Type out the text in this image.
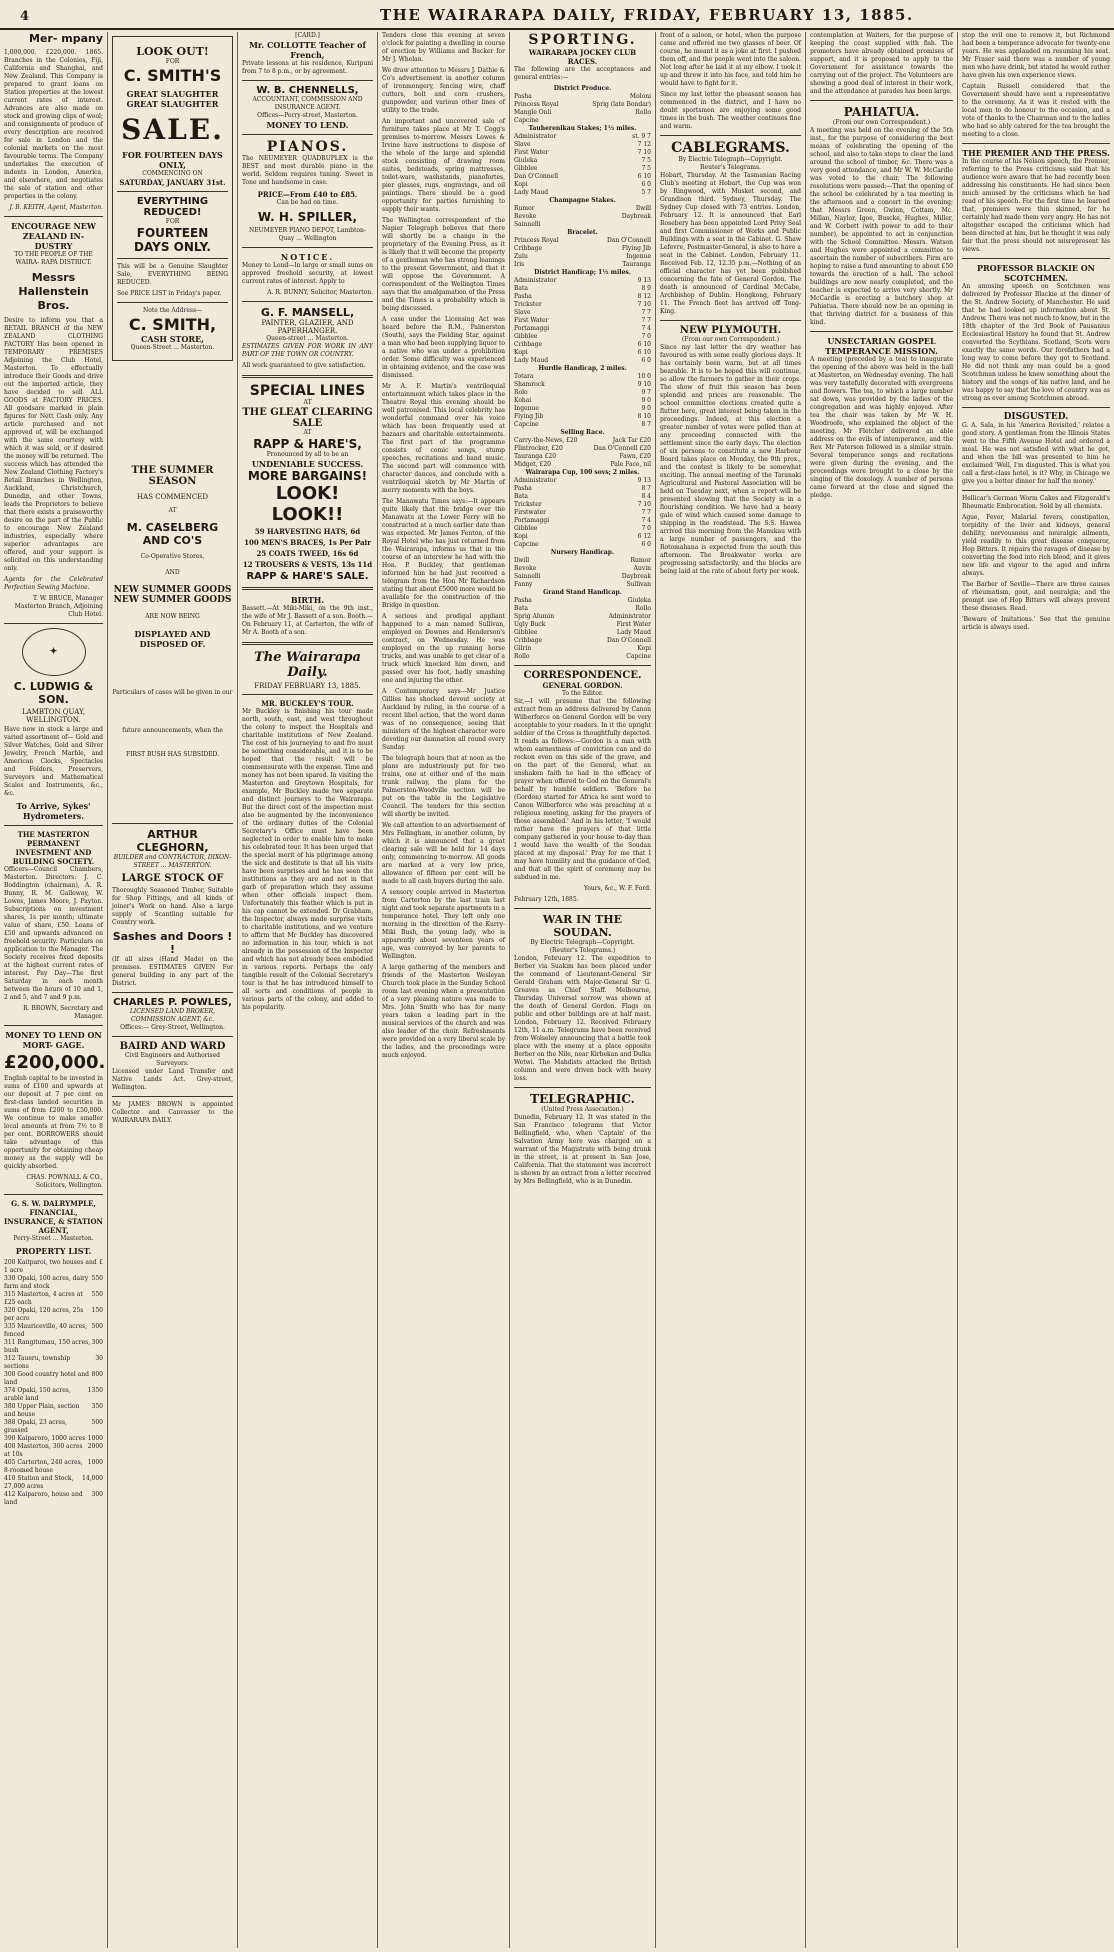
4	THE WAIRARAPA DAILY, FRIDAY, FEBRUARY 13, 1885.
Mer- mpany

1,000,000. £220,000. 1865. Branches in the Colonies, Fiji, California and Shanghai, and New Zealand. This Company is prepared to grant loans on Station properties at the lowest current rates of interest. Advances are also made on stock and growing clips of wool; and consignments of produce of every description are received for sale in London and the colonial markets on the most favourable terms. The Company undertakes the execution of indents in London, America, and elsewhere, and negotiates the sale of station and other properties in the colony.

J. B. KEITH, Agent, Masterton.

ENCOURAGE NEW ZEALAND IN- DUSTRY
TO THE PEOPLE OF THE WAIRA- RAPA DISTRICT.
Messrs Hallenstein Bros.

Desire to inform you that a RETAIL BRANCH of the NEW ZEALAND CLOTHING FACTORY Has been opened in TEMPORARY PREMISES Adjoining the Club Hotel, Masterton. To effectually introduce their Goods and drive out the imported article, they have decided to sell ALL GOODS at FACTORY PRICES. All goodsare marked in plain figures for Nett Cash only. Any article purchased and not approved of, will be exchanged with the same courtesy with which it was sold, or if desired the money will be returned. The success which has attended the New Zealand Clothing Factory's Retail Branches in Wellington, Auckland, Christchurch, Dunedin, and other Towns, leads the Proprietors to believe that there exists a praiseworthy desire on the part of the Public to encourage New Zealand industries, especially where superior advantages are offered, and your support is solicited on this understanding only.

Agents for the Celebrated Perfection Sewing Machine.

T. W. BRUCE, Manager Masterton Branch, Adjoining Club Hotel.

✦
C. LUDWIG & SON.
LAMBTON QUAY, WELLINGTON.

Have now in stock a large and varied assortment of— Gold and Silver Watches, Gold and Silver Jewelry, French Marble, and American Clocks, Spectacles and Folders, Preservers, Surveyors and Mathematical Scales and Instruments, &c., &c.

To Arrive, Sykes' Hydrometers.
THE MASTERTON PERMANENT INVESTMENT AND BUILDING SOCIETY.

Officers—Council Chambers, Masterton. Directors: J. C. Boddington (chairman), A. R. Bunny, R. M. Galloway, W. Lowes, James Moore, J. Payton. Subscriptions on investment shares, 1s per month; ultimate value of share, £50. Loans of £50 and upwards advanced on freehold security. Particulars on application to the Manager. The Society receives fixed deposits at the highest current rates of interest. Pay Day—The first Saturday in each month between the hours of 10 and 1, 2 and 5, and 7 and 9 p.m.

R. BROWN, Secretary and Manager.

MONEY TO LEND ON MORT- GAGE.
£200,000.

English capital to be invested in sums of £100 and upwards at our deposit at 7 per cent on first-class landed securities in sums of from £200 to £50,000. We continue to make smaller local amounts at from 7½ to 8 per cent. BORROWERS should take advantage of this opportunity for obtaining cheap money as the supply will be quickly absorbed.

CHAS. POWNALL & CO., Solicitors, Wellington.

G. S. W. DALRYMPLE, FINANCIAL, INSURANCE, & STATION AGENT,
Perry-Street ... Masterton.
PROPERTY LIST.
200 Kaitparoi, two houses and 1 acre
£
330 Opaki, 100 acres, dairy farm and stock
550
315 Masterton, 4 acres at £25 each
550
320 Opaki, 120 acres, 25s per acre
150
335 Mauriceville, 40 acres, fenced
500
311 Rangitumau, 150 acres, bush
300
312 Taueru, township sections
30
300 Good country hotel and land
800
374 Opaki, 150 acres, arable land
1350
380 Upper Plain, section and house
350
388 Opaki, 23 acres, grassed
500
390 Kaiparoro, 1000 acres 1000
400 Masterton, 300 acres at 10s
2000
405 Carterton, 240 acres, 8-roomed house
1000
410 Station and Stock, 27,000 acres
14,000
412 Kaiparoro, house and land
300
LOOK OUT!
FOR
C. SMITH'S
GREAT SLAUGHTER GREAT SLAUGHTER
SALE.
FOR FOURTEEN DAYS ONLY,
COMMENCING ON
SATURDAY, JANUARY 31st.
EVERYTHING REDUCED!
FOR
FOURTEEN DAYS ONLY.

This will be a Genuine Slaughter Sale, EVERYTHING BEING REDUCED.

See PRICE LIST in Friday's paper.

Note the Address—
C. SMITH,
CASH STORE,
Queen-Street ... Masterton.
THE SUMMER SEASON
HAS COMMENCED
AT
M. CASELBERG AND CO'S
Co-Operative Stores,
AND
NEW SUMMER GOODS NEW SUMMER GOODS
ARE NOW BEING
DISPLAYED AND DISPOSED OF.
Particulars of cases will be given in our
future announcements, when the
FIRST BUSH HAS SUBSIDED.
ARTHUR CLEGHORN,
BUILDER and CONTRACTOR, DIXON-STREET ... MASTERTON.
LARGE STOCK OF

Thoroughly Seasoned Timber, Suitable for Shop Fittings, and all kinds of joiner's Work on hand. Also a large supply of Scantling suitable for Country work.

Sashes and Doors ! !

(If all sizes (Hand Made) on the premises. ESTIMATES GIVEN For general building in any part of the District.

CHARLES P. POWLES,
LICENSED LAND BROKER, COMMISSION AGENT, &c.
Offices:— Grey-Street, Wellington.
BAIRD AND WARD
Civil Engineers and Authorised Surveyors.

Licensed under Land Transfer and Native Lands Act. Grey-street, Wellington.

Mr JAMES BROWN is appointed Collector and Canvasser to the WAIRARAPA DAILY.

[CARD.]
Mr. COLLOTTE Teacher of French,

Private lessons at his residence, Kuripuni from 7 to 8 p.m., or by agreement.

W. B. CHENNELLS,
ACCOUNTANT, COMMISSION AND INSURANCE AGENT.
Offices—Perry-street, Masterton.
MONEY TO LEND.
PIANOS.

The NEUMEYER QUADRUPLEX is the BEST and most durable piano in the world. Seldom requires tuning. Sweet in Tone and handsome in case.

PRICE—From £40 to £85.
Can be had on time.
W. H. SPILLER,
NEUMEYER PIANO DEPOT, Lambton-Quay ... Wellington
NOTICE.

Money to Lend—In large or small sums on approved freehold security, at lowest current rates of interest. Apply to

A. R. BUNNY, Solicitor, Masterton.

G. F. MANSELL,
PAINTER, GLAZIER, AND PAPERHANGER.
Queen-street ... Masterton.

ESTIMATES GIVEN FOR WORK IN ANY PART OF THE TOWN OR COUNTRY.

All work guaranteed to give satisfaction.

SPECIAL LINES
AT
THE GLEAT CLEARING SALE
AT
RAPP & HARE'S,
Pronounced by all to be an
UNDENIABLE SUCCESS.
MORE BARGAINS!
LOOK! LOOK!!
59 HARVESTING HATS, 6d
100 MEN'S BRACES, 1s Per Pair
25 COATS TWEED, 16s 6d
12 TROUSERS & VESTS, 13s 11d
RAPP & HARE'S SALE.
BIRTH.

Bassett.—At Miki-Miki, on the 9th inst., the wife of Mr J. Bassett of a son. Booth.—On February 11, at Carterton, the wife of Mr A. Booth of a son.

The Wairarapa Daily.
FRIDAY FEBRUARY 13, 1885.
MR. BUCKLEY'S TOUR.

Mr Buckley is finishing his tour made north, south, east, and west throughout the colony to inspect the Hospitals and charitable institutions of New Zealand. The cost of his journeying to and fro must be something considerable, and it is to be hoped that the result will be commensurate with the expense. Time and money has not been spared. In visiting the Masterton and Greytown Hospitals, for example, Mr Buckley made two separate and distinct journeys to the Wairarapa. But the direct cost of the inspection must also be augmented by the inconvenience of the ordinary duties of the Colonial Secretary's Office must have been neglected in order to enable him to make his celebrated tour. It has been urged that the special merit of his pilgrimage among the sick and destitute is that all his visits have been surprises and he has seen the institutions as they are and not in that garb of preparation which they assume when other officials inspect them. Unfortunately this feather which is put in his cap cannot be extended. Dr Grabham, the Inspector, always made surprise visits to charitable institutions, and we venture to affirm that Mr Buckley has discovered no information in his tour, which is not already in the possession of the Inspector and which has not already been embodied in various reports. Perhaps the only tangible result of the Colonial Secretary's tour is that he has introduced himself to all sorts and conditions of people in various parts of the colony, and added to his popularity.

Tenders close this evening at seven o'clock for painting a dwelling in course of erection by Williams and Backer for Mr J. Whelan.

We draw attention to Messrs J. Dathie & Co's advertisement in another column of ironmongery, fencing wire, chaff cutters, bolt and corn crushers, gunpowder, and various other lines of utility to the trade.

An important and uncovered sale of furniture takes place at Mr T. Cogg's premises to-morrow. Messrs Lowes & Irvine have instructions to dispose of the whole of the large and splendid stock consisting of drawing room suites, bedsteads, spring mattresses, toilet-ware, washstands, pianofortes, pier glasses, rugs, engravings, and oil paintings. There should be a good opportunity for parties furnishing to supply their wants.

The Wellington correspondent of the Napier Telegraph believes that there will shortly be a change in the proprietary of the Evening Press, as it is likely that it will become the property of a gentleman who has strong leanings to the present Government, and that it will oppose the Government. A correspondent of the Wellington Times says that the amalgamation of the Press and the Times is a probability which is being discussed.

A case under the Licensing Act was heard before the R.M., Palmerston (South), says the Fielding Star, against a man who had been supplying liquor to a native who was under a prohibition order. Some difficulty was experienced in obtaining evidence, and the case was dismissed.

Mr A. F. Martin's ventriloquial entertainment which takes place in the Theatre Royal this evening should be well patronised. This local celebrity has wonderful command over his voice which has been frequently used at bazaars and charitable entertainments. The first part of the programme consists of comic songs, stump speeches, recitations and band music. The second part will commence with character dances, and conclude with a ventriloquial sketch by Mr Martin of merry moments with the boys.

The Manawatu Times says:—It appears quite likely that the bridge over the Manawatu at the Lower Ferry will be constructed at a much earlier date than was expected. Mr James Fenton, of the Royal Hotel who has just returned from the Wairarapa, informs us that in the course of an interview he had with the Hon. P. Buckley, that gentleman informed him he had just received a telegram from the Hon Mr Richardson stating that about £5000 more would be available for the construction of the Bridge in question.

A serious and prodigal appliant happened to a man named Sullivan, employed on Downes and Henderson's contract, on Wednesday. He was employed on the up running horse trucks, and was unable to get clear of a truck which knocked him down, and passed over his foot, badly smashing one and injuring the other.

A Contemporary says—Mr Justice Gillies has shocked devout society at Auckland by ruling, in the course of a recent libel action, that the word damn was of no consequence, seeing that ministers of the highest character were devoting our damnation all round every Sunday.

The telegraph hours that at noon as the plans are industriously put for two trains, one at either end of the main trunk railway, the plans for the Palmerston-Woodville section will be put on the table in the Legislative Council. The tenders for this section will shortly be invited.

We call attention to an advertisement of Mrs Fellingham, in another column, by which it is announced that a great clearing sale will be held for 14 days only, commencing to-morrow. All goods are marked at a very low price, allowance of fifteen per cent will be made to all cash buyers during the sale.

A sensory couple arrived in Masterton from Carterton by the last train last night and took separate apartments in a temperance hotel. They left only one morning in the direction of the Kurry-Miki Bush, the young lady, who is apparently about seventeen years of age, was conveyed by her parents to Wellington.

A large gathering of the members and friends of the Masterton Wesleyan Church took place in the Sunday School room last evening when a presentation of a very pleasing nature was made to Mrs. John Smith who has for many years taken a leading part in the musical services of the church and was also leader of the choir. Refreshments were provided on a very liberal scale by the ladies, and the proceedings were much enjoyed.

SPORTING.
WAIRARAPA JOCKEY CLUB RACES.

The following are the acceptances and general entries:—

District Produce.
Pasha	Moloni
Princess Royal	Sprig (late Bondar)
Mangle Onli	Rollo
Capcine
Tauherenikau Stakes; 1½ miles.
Administrator	st. 9 7
Slave	7 12
First Water	7 10
Giuleka	7 5
Gibblee	7 5
Dan O'Connell	6 10
Kopi	6 0
Lady Maud	5 7
Champagne Stakes.
Rumor	Ilwill
Revoke	Daybreak
Sainnelli
Bracelet.
Princess Royal	Dan O'Connell
Cribbage	Flying Jib
Zulu	Ingenue
Iris	Tauranga
District Handicap; 1½ miles.
Administrator	9 13
Bata	8 9
Pasha	8 12
Trickster	7 10
Slave	7 7
First Water	7 7
Portamaggi	7 4
Gibblee	7 0
Cribbage	6 10
Kopi	6 10
Lady Maud	6 0
Hurdle Handicap, 2 miles.
Totara	10 0
Shamrock	9 10
Rolo	9 7
Kohai	9 0
Ingenue	9 0
Flying Jib	8 10
Capcine	8 7
Selling Race.
Carry-the-News, £20	Jack Tar £20
Flintrocker, £20	Dan O'Connell £20
Tauranga £20	Fawn, £20
Midget, £20	Pale Face, nil
Wairarapa Cup, 100 sovs; 2 miles.
Administrator	9 13
Pasha	8 7
Bata	8 4
Trickster	7 10
Firstwater	7 7
Portamaggi	7 4
Gibblee	7 0
Kopi	6 12
Capcine	6 0
Nursery Handicap.
Ilwill	Rumor
Revoke	Auvin
Sainnelli	Daybreak
Fanny	Sullivan
Grand Stand Handicap.
Pasha	Giuleka
Bata	Rollo
Sprig Alumin	Administrator
Ugly Buck	First Water
Gibblee	Lady Maud
Cribbage	Dan O'Connell
Gilrin	Kopi
Rollo	Capcine
CORRESPONDENCE.
GENERAL GORDON.
To the Editor.

Sir,—I will presume that the following extract from an address delivered by Canon Wilberforce on General Gordon will be very acceptable to your readers. In it the upright soldier of the Cross is thoughtfully depicted. It reads as follows:—Gordon is a man with whom earnestness of conviction can and do reckon even on this side of the grave, and on the part of the General, what an unshaken faith he had in the efficacy of prayer when offered to God on the General's behalf by humble soldiers. 'Before he (Gordon) started for Africa he sent word to Canon Wilberforce who was preaching at a religious meeting, asking for the prayers of those assembled.' And in his letter, 'I would rather have the prayers of that little company gathered in your house to-day than I would have the wealth of the Soudan placed at my disposal.' Pray for me that I may have humility and the guidance of God, and that all the spirit of ceremony may be subdued in me.

Yours, &c., W. F. Ford.

February 12th, 1885.

WAR IN THE SOUDAN.
By Electric Telegraph—Copyright.
(Reuter's Telegrams.)

London, February 12. The expedition to Berber via Suakim has been placed under the command of Lieutenant-General Sir Gerald Graham with Major-General Sir G. Greaves as Chief Staff. Melbourne, Thursday. Universal sorrow was shown at the death of General Gordon. Flags on public and other buildings are at half mast. London, February 12. Received February 12th, 11 a.m. Telegrams have been received from Wolseley announcing that a battle took place with the enemy at a place opposite Berber on the Nile, near Kirbekan and Dulka Wetwi. The Mahdists attacked the British column and were driven back with heavy loss.

TELEGRAPHIC.
(United Press Association.)

Dunedin, February 12. It was stated in the San Francisco telegrams that Victor Bellingfield, who, when 'Captain' of the Salvation Army here was charged on a warrant of the Magistrate with being drunk in the street, is at present in San Jose, California. That the statement was incorrect is shown by an extract from a letter received by Mrs Bellingfield, who is in Dunedin.

front of a saloon, or hotel, when the purpose came and offered me two glasses of beer. Of course, he meant it as a joke at first. I pushed them off, and the people went into the saloon. Not long after he laid it at my elbow. I took it up and threw it into his face, and told him he would have to fight for it.

Since my last letter the pheasant season has commenced in the district, and I have no doubt sportsmen are enjoying some good times in the bush. The weather continues fine and warm.

CABLEGRAMS.
By Electric Telegraph—Copyright.
Reuter's Telegrams.

Hobart, Thursday. At the Tasmanian Racing Club's meeting at Hobart, the Cup was won by Ringwood, with Musket second, and Grandison third. Sydney, Thursday. The Sydney Cup closed with 73 entries. London, February 12. It is announced that Earl Rosebery has been appointed Lord Privy Seal and first Commissioner of Works and Public Buildings with a seat in the Cabinet. G. Shaw Lefevre, Postmaster-General, is also to have a seat in the Cabinet. London, February 11. Received Feb. 12, 12.35 p.m.—Nothing of an official character has yet been published concerning the fate of General Gordon. The death is announced of Cardinal McCabe, Archbishop of Dublin. Hongkong, February 11. The French fleet has arrived off Tong-King.

NEW PLYMOUTH.
(From our own Correspondent.)

Since my last letter the dry weather has favoured us with some really glorious days. It has certainly been warm, but at all times bearable. It is to be hoped this will continue, so allow the farmers to gather in their crops. The show of fruit this season has been splendid and prices are reasonable. The school committee elections created quite a flutter here, great interest being taken in the proceedings. Indeed, at this election a greater number of votes were polled than at any proceeding connected with the settlement since the early days. The election of six persons to constitute a new Harbour Board takes place on Monday, the 9th prox., and the contest is likely to be somewhat exciting. The annual meeting of the Taranaki Agricultural and Pastoral Association will be held on Tuesday next, when a report will be presented showing that the Society is in a flourishing condition. We have had a heavy gale of wind which caused some damage to shipping in the roadstead. The S.S. Hawea arrived this morning from the Manukau with a large number of passengers, and the Rotomahana is expected from the south this afternoon. The Breakwater works are progressing satisfactorily, and the blocks are being laid at the rate of about forty per week.

contemplation at Waiters, for the purpose of keeping the coast supplied with fish. The promoters have already obtained promises of support, and it is proposed to apply to the Government for assistance towards the carrying out of the project. The Volunteers are showing a good deal of interest in their work, and the attendance at parades has been large.

PAHIATUA.
(From our own Correspondent.)

A meeting was held on the evening of the 5th inst., for the purpose of considering the best means of celebrating the opening of the school, and also to take steps to clear the land around the school of timber, &c. There was a very good attendance, and Mr W. W. McCardle was voted to the chair. The following resolutions were passed:—That the opening of the school be celebrated by a tea meeting in the afternoon and a concert in the evening; that Messrs Green, Gwinn, Cottam, Mc. Millan, Naylor, Igoe, Buscke, Hughes, Miller, and W. Corbett (with power to add to their number), be appointed to act in conjunction with the School Committee. Messrs. Watson and Hughes were appointed a committee to ascertain the number of subscribers. Firm are hoping to raise a fund amounting to about £50 towards the erection of a hall. The school buildings are now nearly completed, and the teacher is expected to arrive very shortly. Mr McCardle is erecting a butchery shop at Pahiatua. There should now be an opening in that thriving district for a business of this kind.

UNSECTARIAN GOSPEL TEMPERANCE MISSION.

A meeting (preceded by a tea) to inaugurate the opening of the above was held in the hall at Masterton, on Wednesday evening. The hall was very tastefully decorated with evergreens and flowers. The tea, to which a large number sat down, was provided by the ladies of the congregation and was highly enjoyed. After tea the chair was taken by Mr W. H. Woodroofe, who explained the object of the meeting. Mr Fletcher delivered an able address on the evils of intemperance, and the Rev. Mr Paterson followed in a similar strain. Several temperance songs and recitations were given during the evening, and the proceedings were brought to a close by the singing of the doxology. A number of persons came forward at the close and signed the pledge.

stop the evil one to remove it, but Richmond had been a temperance advocate for twenty-one years. He was applauded on resuming his seat. Mr Fraser said there was a number of young men who have drink, but stated he would rather have given his own experience views.

Captain Russell considered that the Government should have sent a representative to the ceremony. As it was it rested with the local men to do honour to the occasion, and a vote of thanks to the Chairman and to the ladies who had so ably catered for the tea brought the meeting to a close.

THE PREMIER AND THE PRESS.

In the course of his Nelson speech, the Premier, referring to the Press criticisms said that his audience were aware that he had recently been addressing his constituents. He had since been much amused by the criticisms which he had read of his speech. For the first time he learned that, premiers were thin skinned, for he certainly had made them very angry. He has not altogether escaped the criticisms which had been directed at him, but he thought it was only fair that the press should not misrepresent his views.

PROFESSOR BLACKIE ON SCOTCHMEN.

An amusing speech on Scotchmen was delivered by Professor Blackie at the dinner of the St. Andrew Society, of Manchester. He said that he had looked up information about St. Andrew. There was not much to know, but in the 18th chapter of the 3rd Book of Pausanius Ecclesiastical History he found that St. Andrew converted the Scythians. Scotland, Scots were exactly the same words. Our forefathers had a long way to come before they got to Scotland. He did not think any man could be a good Scotchman unless he knew something about the history and the songs of his native land, and he was happy to say that the love of country was as strong as ever among Scotchmen abroad.

DISGUSTED.

G. A. Sala, in his 'America Revisited,' relates a good story. A gentleman from the Illinois States went to the Fifth Avenue Hotel and ordered a meal. He was not satisfied with what he got, and when the bill was presented to him he exclaimed 'Well, I'm disgusted. This is what you call a first-class hotel, is it? Why, in Chicago we give you a better dinner for half the money.'

Hellicar's German Worm Cakes and Fitzgerald's Rheumatic Embrocation. Sold by all chemists.

Ague, Fever, Malarial fevers, constipation, torpidity of the liver and kidneys, general debility, nervousness and neuralgic ailments, yield readily to this great disease conqueror, Hop Bitters. It repairs the ravages of disease by converting the food into rich blood, and it gives new life and vigour to the aged and infirm always.

The Barber of Seville—There are three causes of rheumatism, gout, and neuralgia; and the prompt use of Hop Bitters will always prevent these diseases. Read.

'Beware of Imitations.' See that the genuine article is always used.
